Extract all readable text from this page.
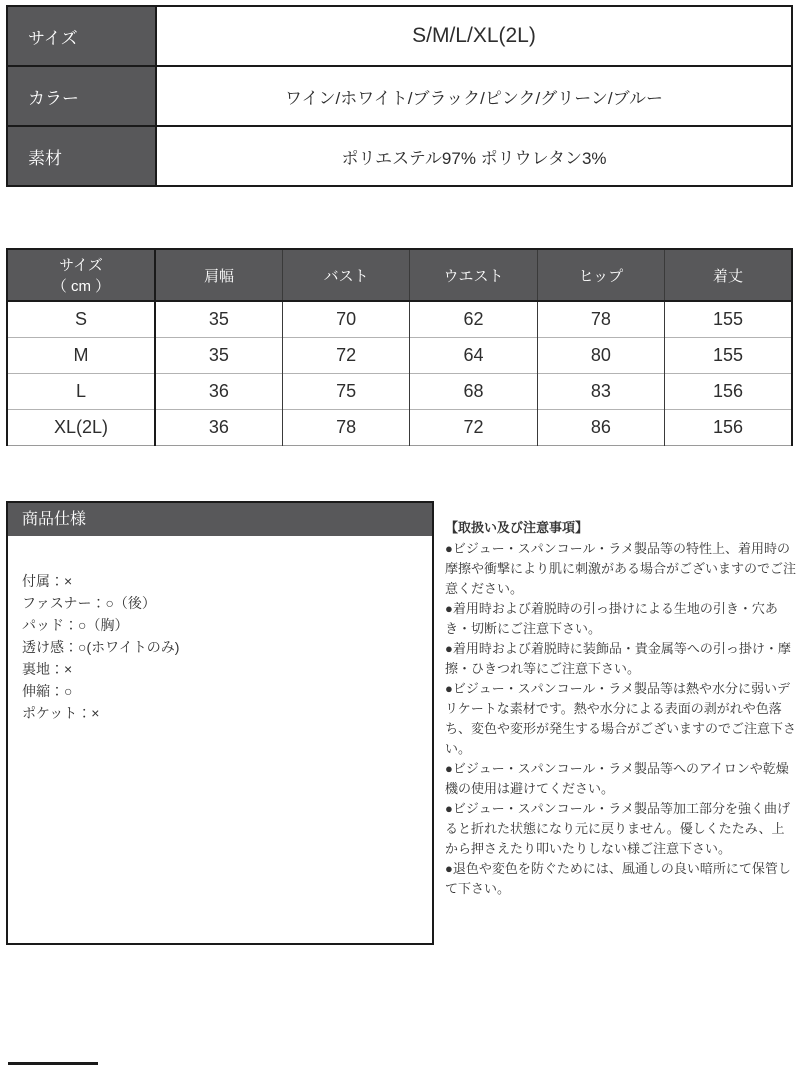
サイズ	S/M/L/XL(2L)
カラー	ワイン/ホワイト/ブラック/ピンク/グリーン/ブルー
素材	ポリエステル97% ポリウレタン3%
サイズ
（ cm ）	肩幅	バスト	ウエスト	ヒップ	着丈
S	35	70	62	78	155
M	35	72	64	80	155
L	36	75	68	83	156
XL(2L)	36	78	72	86	156
商品仕様
付属：×
ファスナー：○（後）
パッド：○（胸）
透け感：○(ホワイトのみ)
裏地：×
伸縮：○
ポケット：×
【取扱い及び注意事項】

●ビジュー・スパンコール・ラメ製品等の特性上、着用時の摩擦や衝撃により肌に刺激がある場合がございますのでご注意ください。

●着用時および着脱時の引っ掛けによる生地の引き・穴あき・切断にご注意下さい。

●着用時および着脱時に装飾品・貴金属等への引っ掛け・摩擦・ひきつれ等にご注意下さい。

●ビジュー・スパンコール・ラメ製品等は熱や水分に弱いデリケートな素材です。熱や水分による表面の剥がれや色落ち、変色や変形が発生する場合がございますのでご注意下さい。

●ビジュー・スパンコール・ラメ製品等へのアイロンや乾燥機の使用は避けてください。

●ビジュー・スパンコール・ラメ製品等加工部分を強く曲げると折れた状態になり元に戻りません。優しくたたみ、上から押さえたり叩いたりしない様ご注意下さい。

●退色や変色を防ぐためには、風通しの良い暗所にて保管して下さい。
